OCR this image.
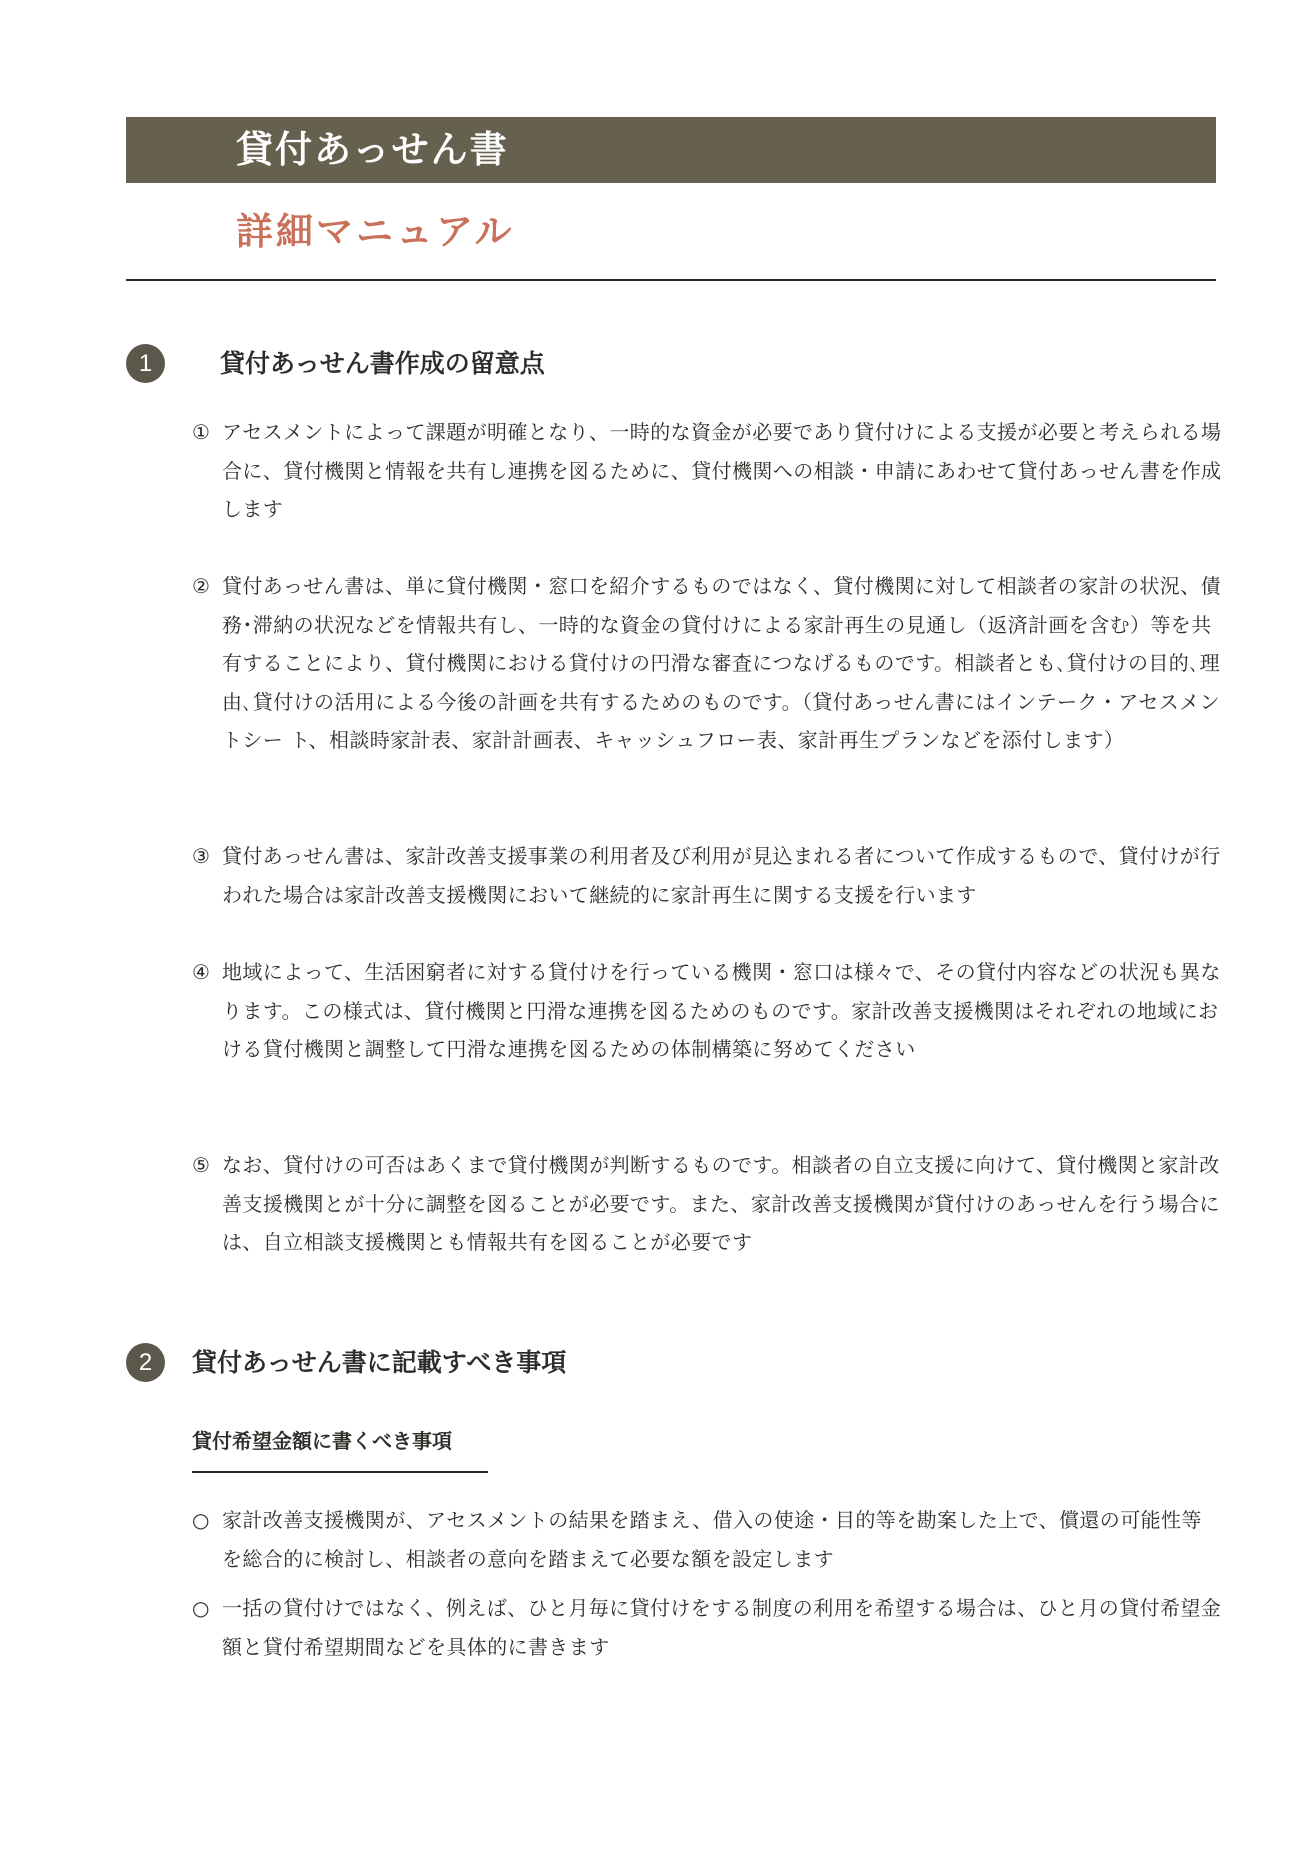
貸付あっせん書
詳細マニュアル
1	貸付あっせん書作成の留意点
① アセスメントによって課題が明確となり、一時的な資金が必要であり貸付けによる支援が必要と考えられる場合に、貸付機関と情報を共有し連携を図るために、貸付機関への相談・申請にあわせて貸付あっせん書を作成します
② 貸付あっせん書は、単に貸付機関・窓口を紹介するものではなく、貸付機関に対して相談者の家計の状況、債務･滞納の状況などを情報共有し、一時的な資金の貸付けによる家計再生の見通し（返済計画を含む）等を共有することにより、貸付機関における貸付けの円滑な審査につなげるものです。相談者とも､貸付けの目的､理由､貸付けの活用による今後の計画を共有するためのものです。（貸付あっせん書にはインテーク・アセスメントシー ト、相談時家計表、家計計画表、キャッシュフロー表、家計再生プランなどを添付します）
③ 貸付あっせん書は、家計改善支援事業の利用者及び利用が見込まれる者について作成するもので、貸付けが行われた場合は家計改善支援機関において継続的に家計再生に関する支援を行います
④ 地域によって、生活困窮者に対する貸付けを行っている機関・窓口は様々で、その貸付内容などの状況も異なります。この様式は、貸付機関と円滑な連携を図るためのものです。家計改善支援機関はそれぞれの地域における貸付機関と調整して円滑な連携を図るための体制構築に努めてください
⑤ なお、貸付けの可否はあくまで貸付機関が判断するものです。相談者の自立支援に向けて、貸付機関と家計改善支援機関とが十分に調整を図ることが必要です。また、家計改善支援機関が貸付けのあっせんを行う場合には、自立相談支援機関とも情報共有を図ることが必要です
2	貸付あっせん書に記載すべき事項
貸付希望金額に書くべき事項
○ 家計改善支援機関が、アセスメントの結果を踏まえ、借入の使途・目的等を勘案した上で、償還の可能性等を総合的に検討し、相談者の意向を踏まえて必要な額を設定します
○ 一括の貸付けではなく、例えば、ひと月毎に貸付けをする制度の利用を希望する場合は、ひと月の貸付希望金額と貸付希望期間などを具体的に書きます
